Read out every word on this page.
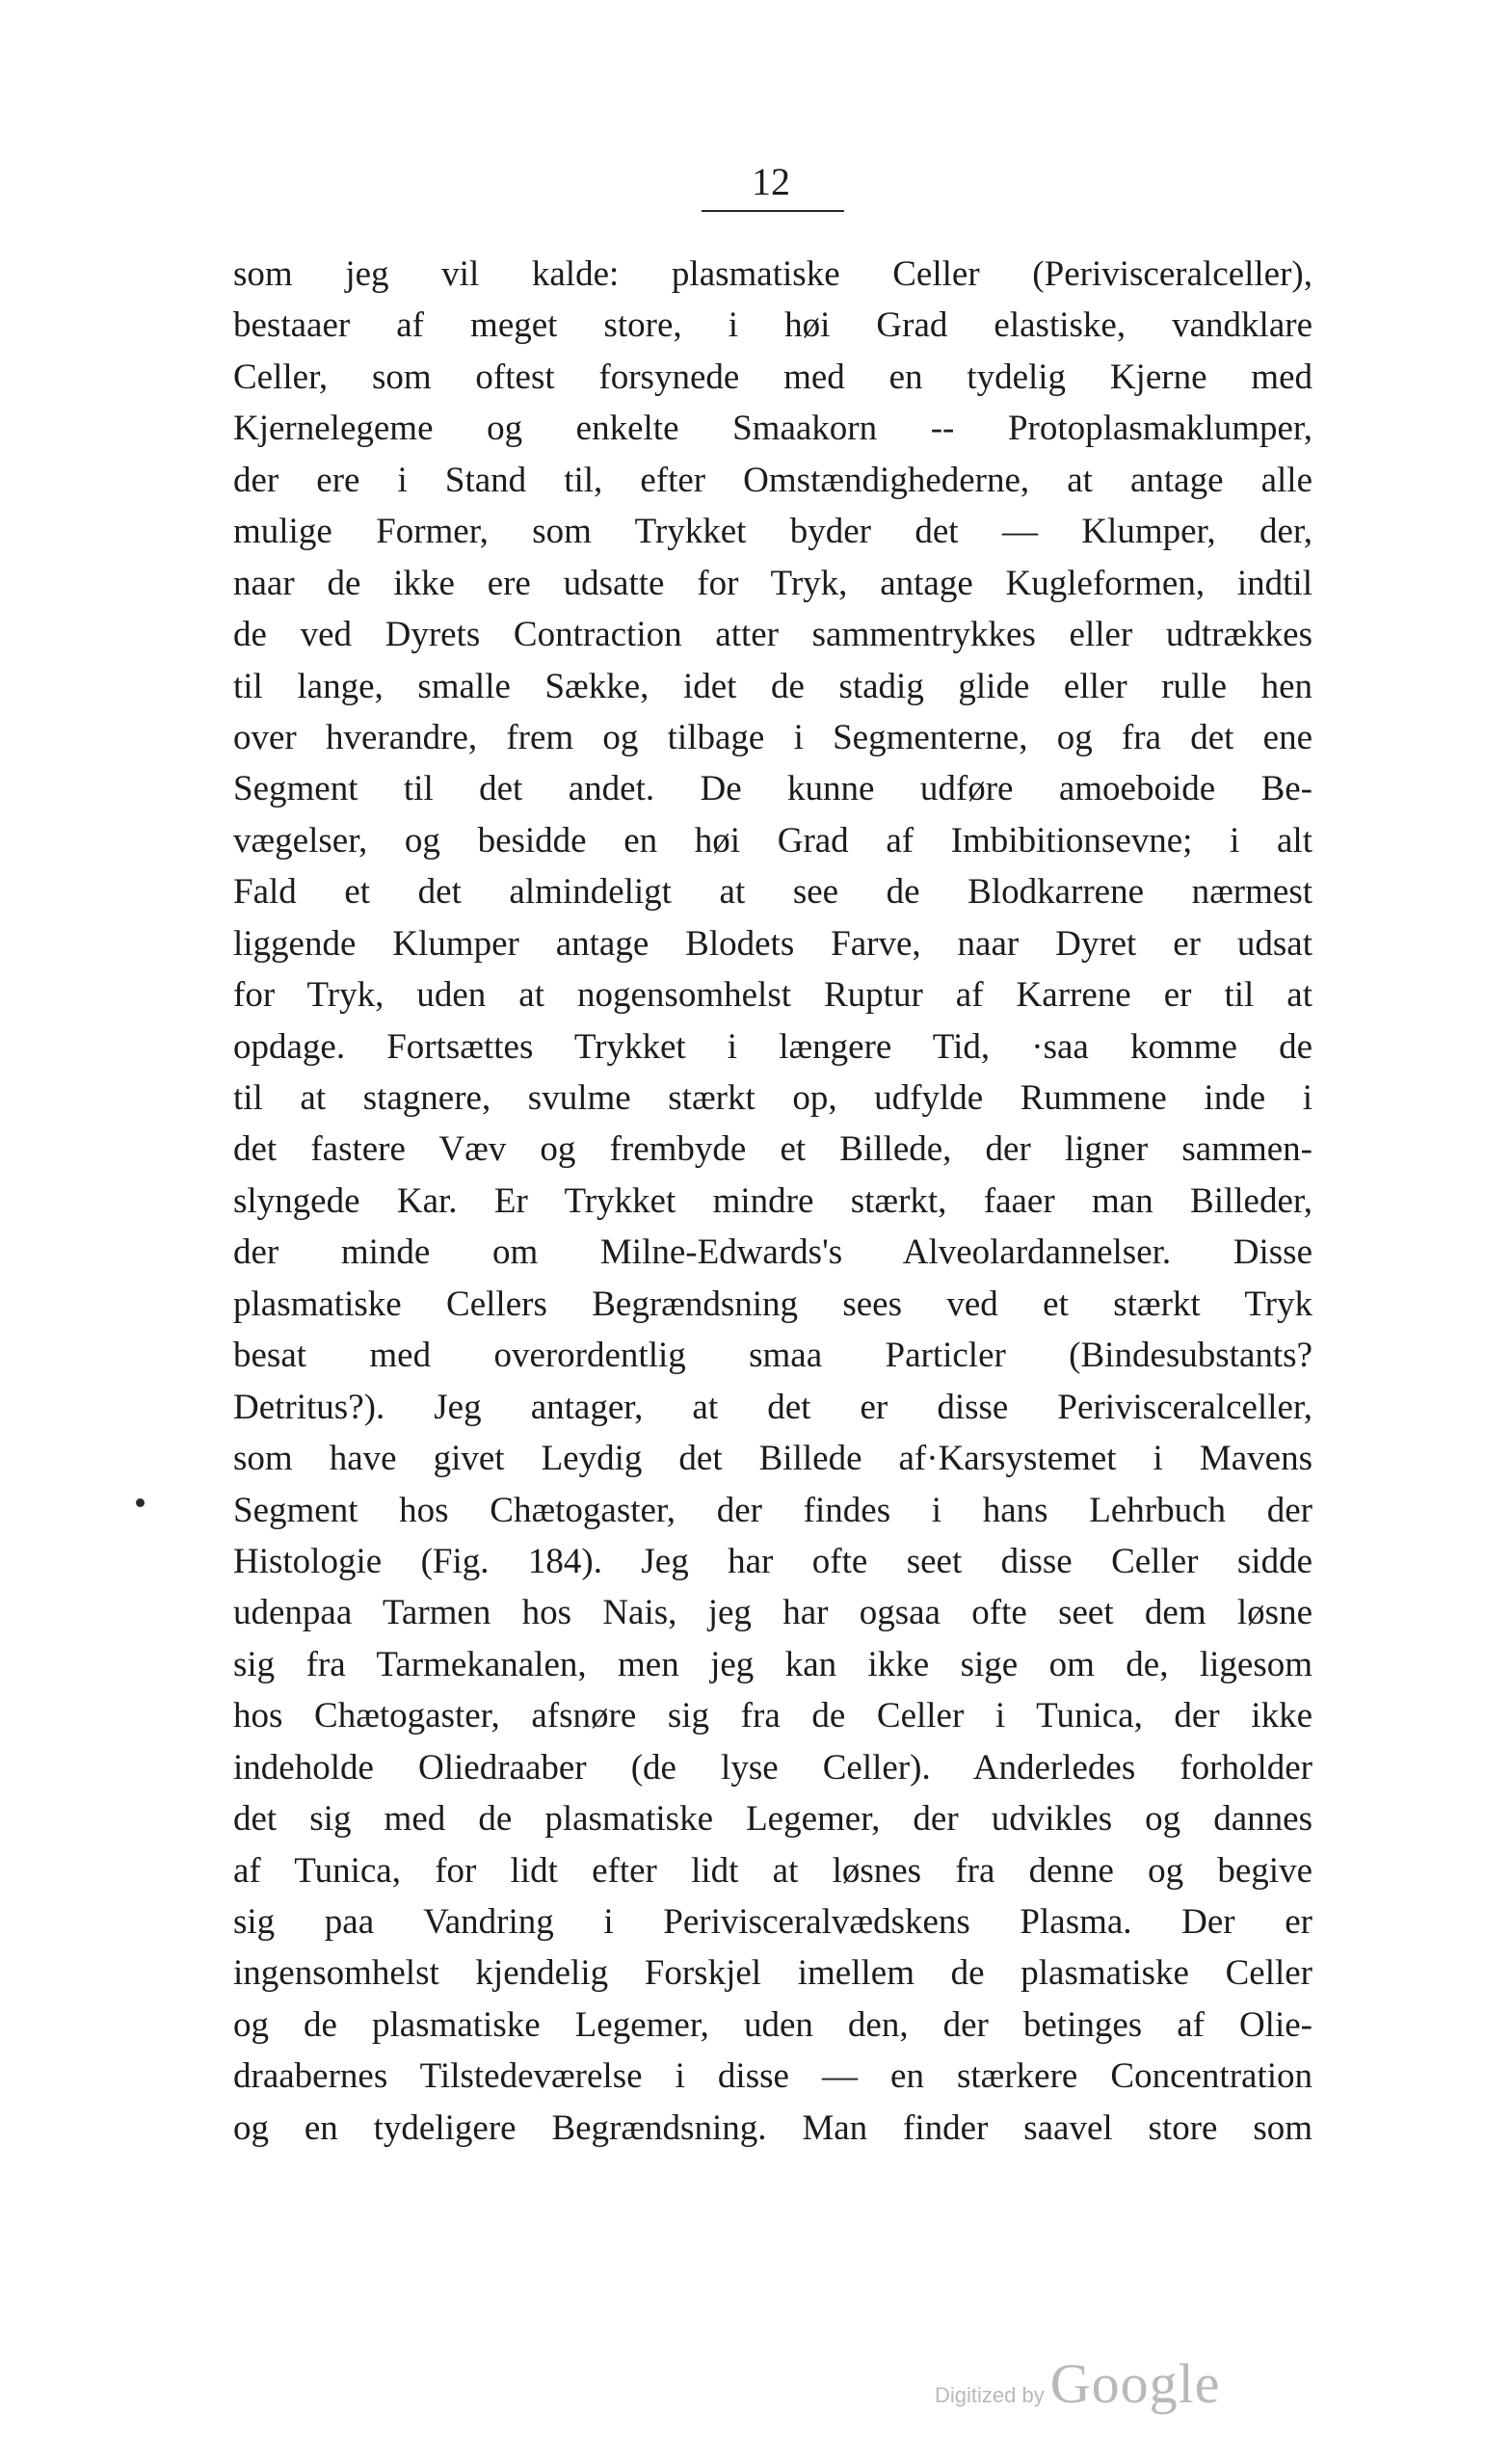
12
som jeg vil kalde: plasmatiske Celler (Perivisceralceller),
bestaaer af meget store, i høi Grad elastiske, vandklare
Celler, som oftest forsynede med en tydelig Kjerne med
Kjernelegeme og enkelte Smaakorn -- Protoplasmaklumper,
der ere i Stand til, efter Omstændighederne, at antage alle
mulige Former, som Trykket byder det — Klumper, der,
naar de ikke ere udsatte for Tryk, antage Kugleformen, indtil
de ved Dyrets Contraction atter sammentrykkes eller udtrækkes
til lange, smalle Sække, idet de stadig glide eller rulle hen
over hverandre, frem og tilbage i Segmenterne, og fra det ene
Segment til det andet. De kunne udføre amoeboide Be-
vægelser, og besidde en høi Grad af Imbibitionsevne; i alt
Fald et det almindeligt at see de Blodkarrene nærmest
liggende Klumper antage Blodets Farve, naar Dyret er udsat
for Tryk, uden at nogensomhelst Ruptur af Karrene er til at
opdage. Fortsættes Trykket i længere Tid, ·saa komme de
til at stagnere, svulme stærkt op, udfylde Rummene inde i
det fastere Væv og frembyde et Billede, der ligner sammen-
slyngede Kar. Er Trykket mindre stærkt, faaer man Billeder,
der minde om Milne-Edwards's Alveolardannelser. Disse
plasmatiske Cellers Begrændsning sees ved et stærkt Tryk
besat med overordentlig smaa Particler (Bindesubstants?
Detritus?). Jeg antager, at det er disse Perivisceralceller,
som have givet Leydig det Billede af·Karsystemet i Mavens
Segment hos Chætogaster, der findes i hans Lehrbuch der
Histologie (Fig. 184). Jeg har ofte seet disse Celler sidde
udenpaa Tarmen hos Nais, jeg har ogsaa ofte seet dem løsne
sig fra Tarmekanalen, men jeg kan ikke sige om de, ligesom
hos Chætogaster, afsnøre sig fra de Celler i Tunica, der ikke
indeholde Oliedraaber (de lyse Celler). Anderledes forholder
det sig med de plasmatiske Legemer, der udvikles og dannes
af Tunica, for lidt efter lidt at løsnes fra denne og begive
sig paa Vandring i Perivisceralvædskens Plasma. Der er
ingensomhelst kjendelig Forskjel imellem de plasmatiske Celler
og de plasmatiske Legemer, uden den, der betinges af Olie-
draabernes Tilstedeværelse i disse — en stærkere Concentration
og en tydeligere Begrændsning. Man finder saavel store som
Digitized by Google
